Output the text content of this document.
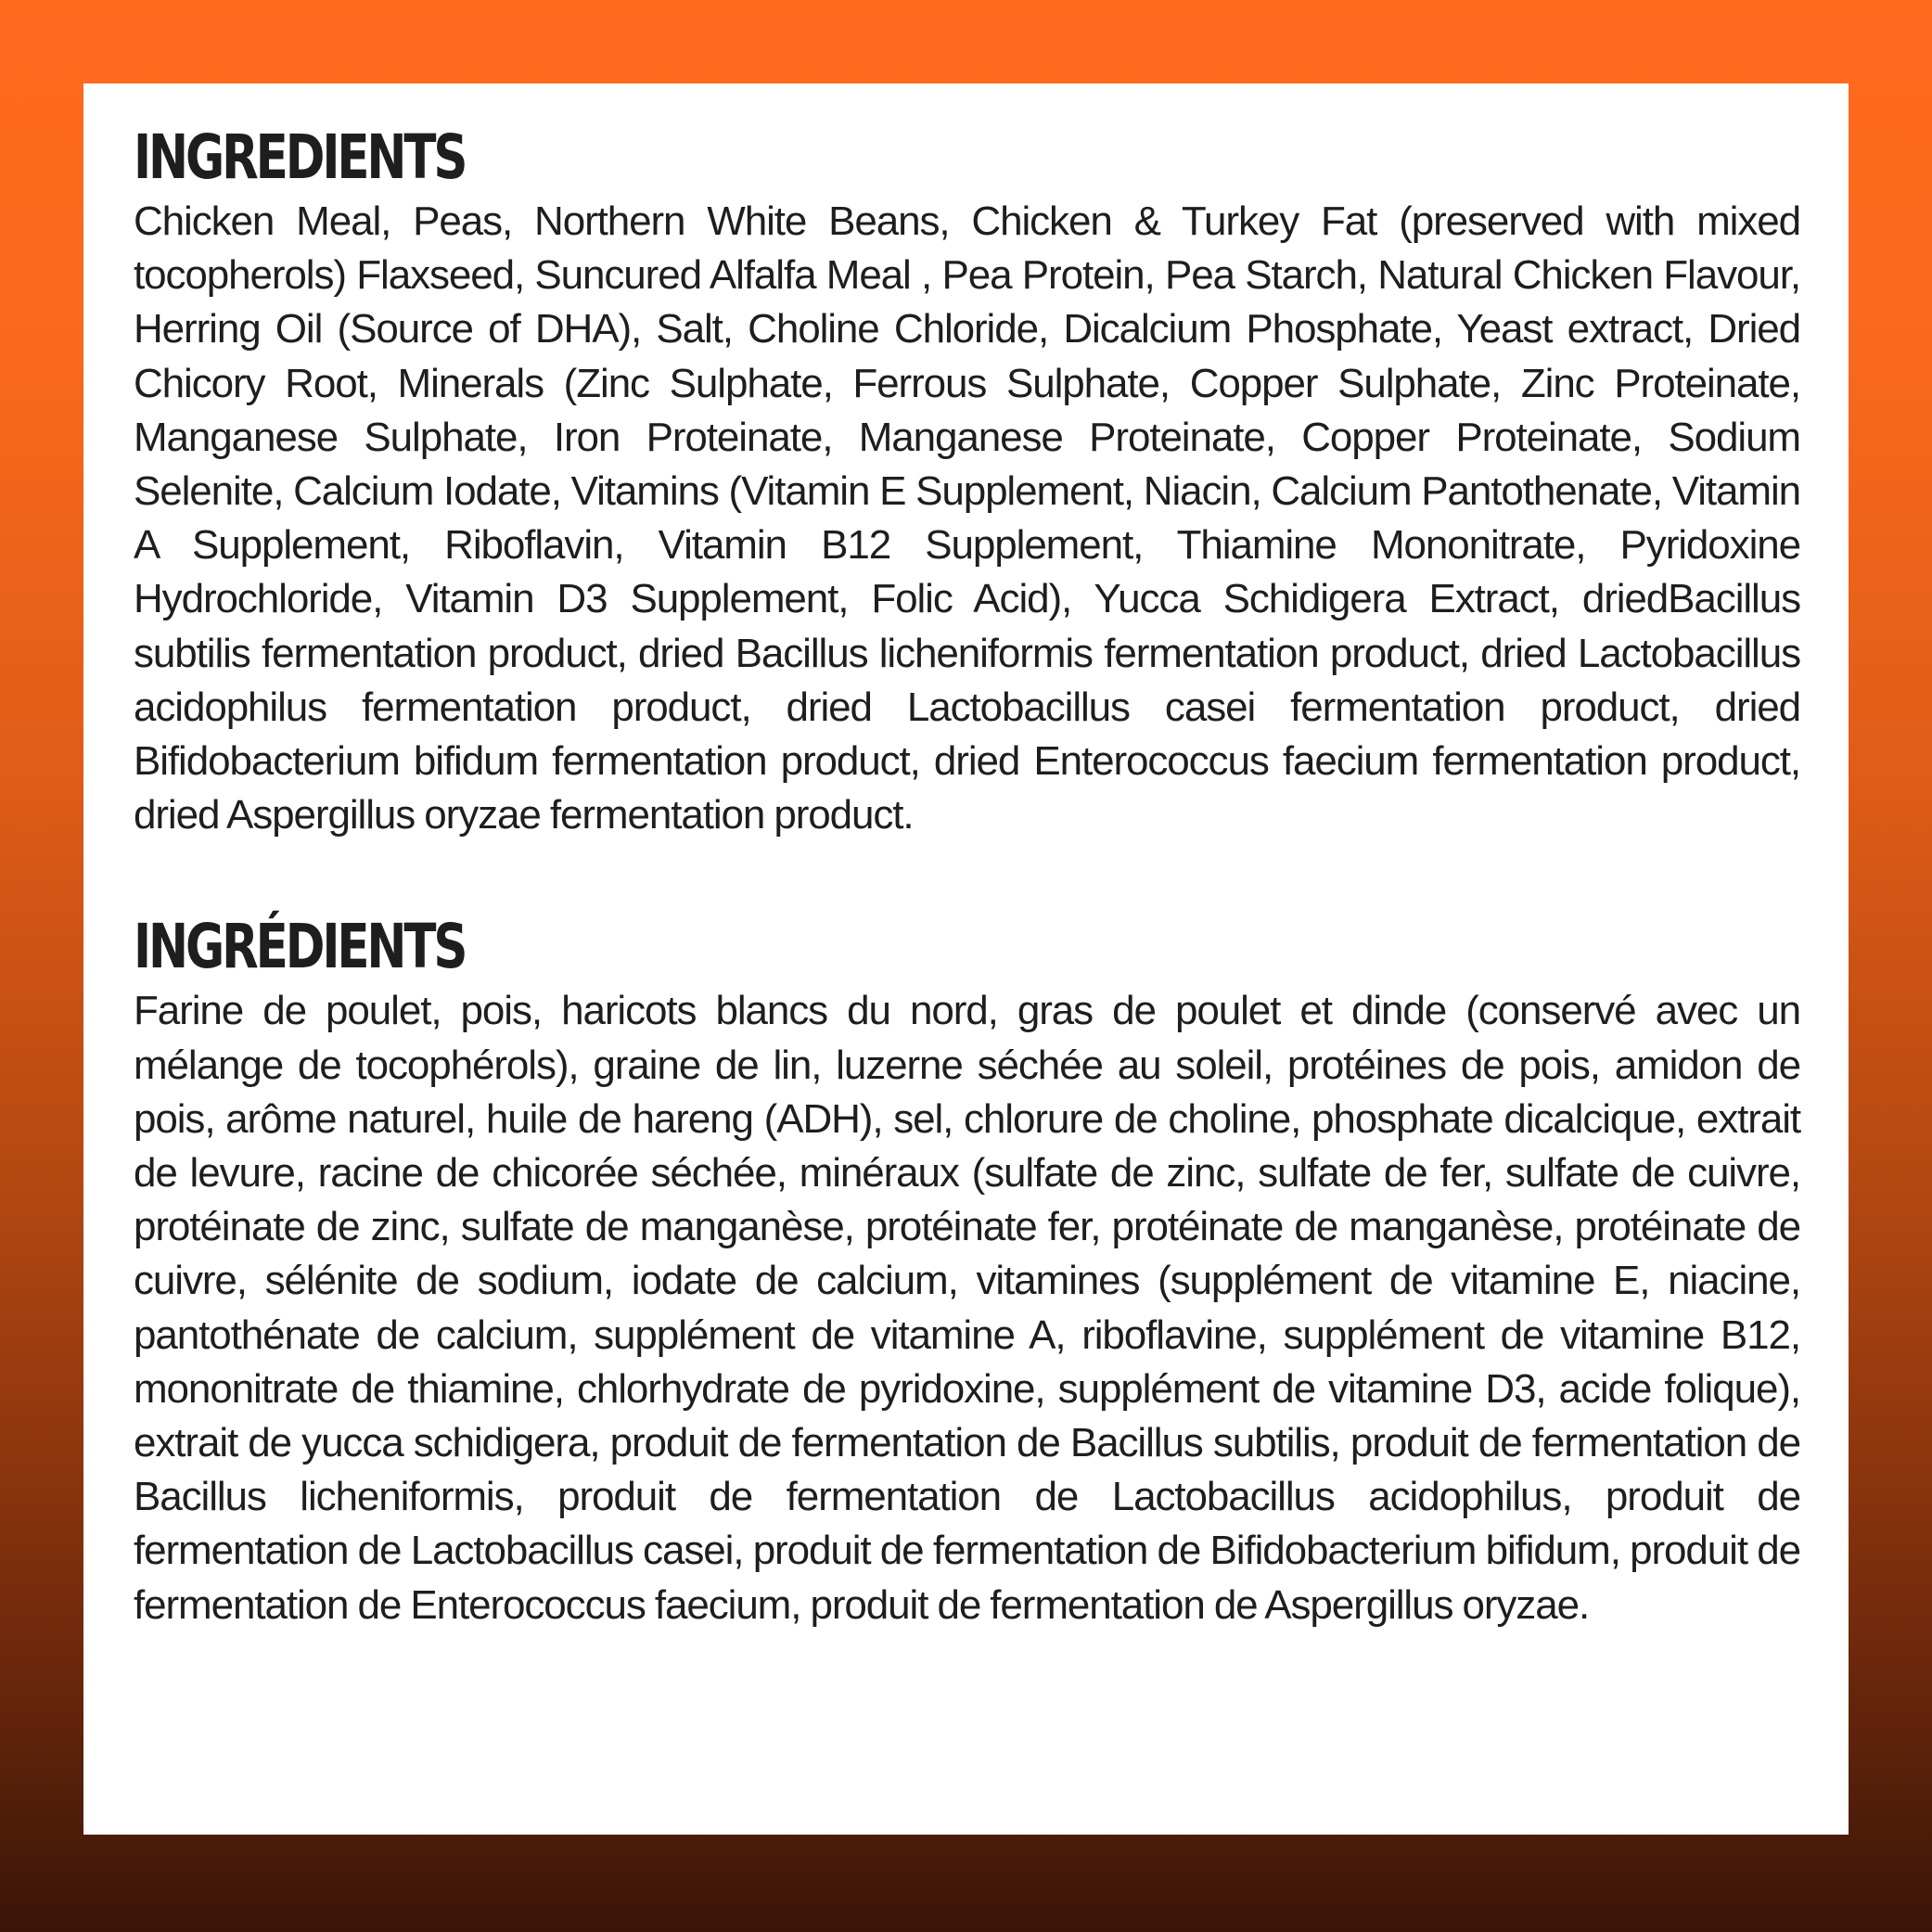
INGREDIENTS

Chicken Meal, Peas, Northern White Beans, Chicken & Turkey Fat (preserved with mixed tocopherols) Flaxseed, Suncured Alfalfa Meal , Pea Protein, Pea Starch, Natural Chicken Flavour, Herring Oil (Source of DHA), Salt, Choline Chloride, Dicalcium Phosphate, Yeast extract, Dried Chicory Root, Minerals (Zinc Sulphate, Ferrous Sulphate, Copper Sulphate, Zinc Proteinate, Manganese Sulphate, Iron Proteinate, Manganese Proteinate, Copper Proteinate, Sodium Selenite, Calcium Iodate, Vitamins (Vitamin E Supplement, Niacin, Calcium Pantothenate, Vitamin A Supplement, Riboflavin, Vitamin B12 Supplement, Thiamine Mononitrate, Pyridoxine Hydrochloride, Vitamin D3 Supplement, Folic Acid), Yucca Schidigera Extract, driedBacillus subtilis fermentation product, dried Bacillus licheniformis fermentation product, dried Lactobacillus acidophilus fermentation product, dried Lactobacillus casei fermentation product, dried Bifidobacterium bifidum fermentation product, dried Enterococcus faecium fermentation product, dried Aspergillus oryzae fermentation product.

INGRÉDIENTS

Farine de poulet, pois, haricots blancs du nord, gras de poulet et dinde (conservé avec un mélange de tocophérols), graine de lin, luzerne séchée au soleil, protéines de pois, amidon de pois, arôme naturel, huile de hareng (ADH), sel, chlorure de choline, phosphate dicalcique, extrait de levure, racine de chicorée séchée, minéraux (sulfate de zinc, sulfate de fer, sulfate de cuivre, protéinate de zinc, sulfate de manganèse, protéinate fer, protéinate de manganèse, protéinate de cuivre, sélénite de sodium, iodate de calcium, vitamines (supplément de vitamine E, niacine, pantothénate de calcium, supplément de vitamine A, riboflavine, supplément de vitamine B12, mononitrate de thiamine, chlorhydrate de pyridoxine, supplément de vitamine D3, acide folique), extrait de yucca schidigera, produit de fermentation de Bacillus subtilis, produit de fermentation de Bacillus licheniformis, produit de fermentation de Lactobacillus acidophilus, produit de fermentation de Lactobacillus casei, produit de fermentation de Bifidobacterium bifidum, produit de fermentation de Enterococcus faecium, produit de fermentation de Aspergillus oryzae.
